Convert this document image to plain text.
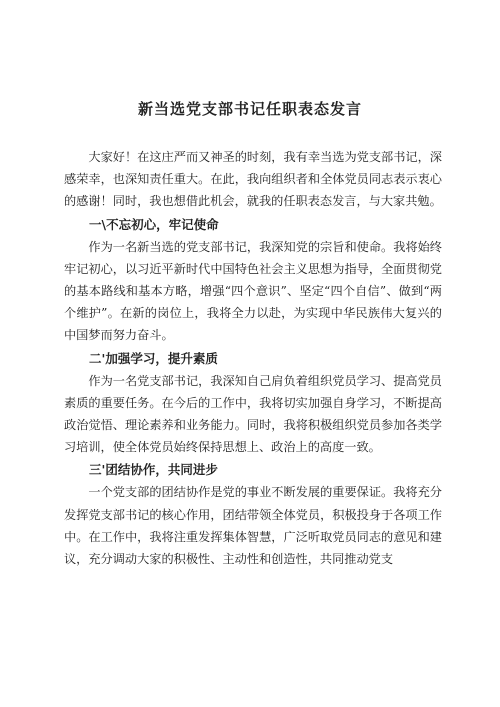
新当选党支部书记任职表态发言

大家好！在这庄严而又神圣的时刻，我有幸当选为党支部书记，深感荣幸，也深知责任重大。在此，我向组织者和全体党员同志表示衷心的感谢！同时，我也想借此机会，就我的任职表态发言，与大家共勉。

一\不忘初心，牢记使命

作为一名新当选的党支部书记，我深知党的宗旨和使命。我将始终牢记初心，以习近平新时代中国特色社会主义思想为指导，全面贯彻党的基本路线和基本方略，增强“四个意识”、坚定“四个自信”、做到“两个维护”。在新的岗位上，我将全力以赴，为实现中华民族伟大复兴的中国梦而努力奋斗。

二'加强学习，提升素质

作为一名党支部书记，我深知自己肩负着组织党员学习、提高党员素质的重要任务。在今后的工作中，我将切实加强自身学习，不断提高政治觉悟、理论素养和业务能力。同时，我将积极组织党员参加各类学习培训，使全体党员始终保持思想上、政治上的高度一致。

三'团结协作，共同进步

一个党支部的团结协作是党的事业不断发展的重要保证。我将充分发挥党支部书记的核心作用，团结带领全体党员，积极投身于各项工作中。在工作中，我将注重发挥集体智慧，广泛听取党员同志的意见和建议，充分调动大家的积极性、主动性和创造性，共同推动党支
